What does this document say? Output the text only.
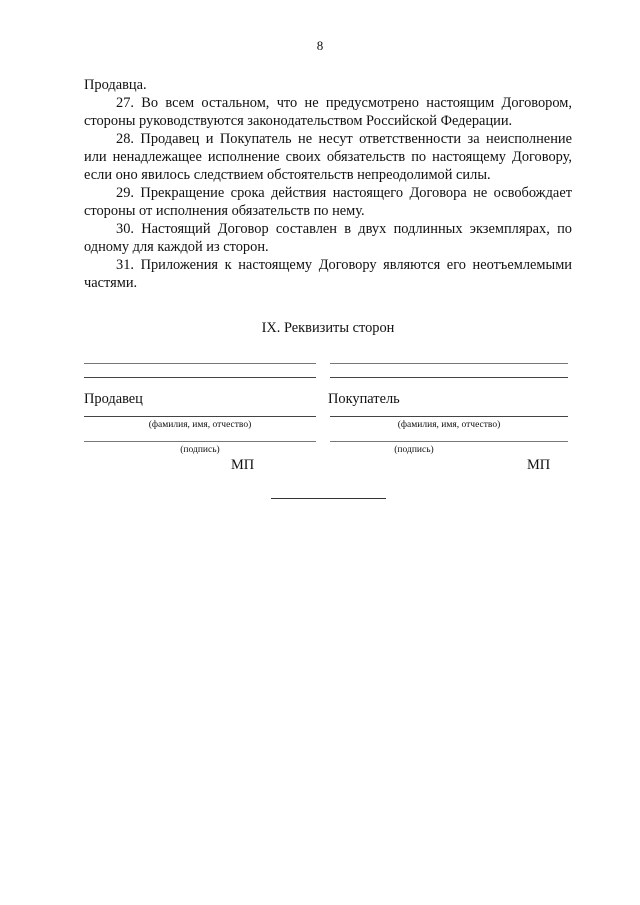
8

Продавца.

27. Во всем остальном, что не предусмотрено настоящим Договором, стороны руководствуются законодательством Российской Федерации.

28. Продавец и Покупатель не несут ответственности за неисполнение или ненадлежащее исполнение своих обязательств по настоящему Договору, если оно явилось следствием обстоятельств непреодолимой силы.

29. Прекращение срока действия настоящего Договора не освобождает стороны от исполнения обязательств по нему.

30. Настоящий Договор составлен в двух подлинных экземплярах, по одному для каждой из сторон.

31. Приложения к настоящему Договору являются его неотъемлемыми частями.

IX. Реквизиты сторон
Продавец
(фамилия, имя, отчество)
(подпись)
МП
Покупатель
(фамилия, имя, отчество)
(подпись)
МП
